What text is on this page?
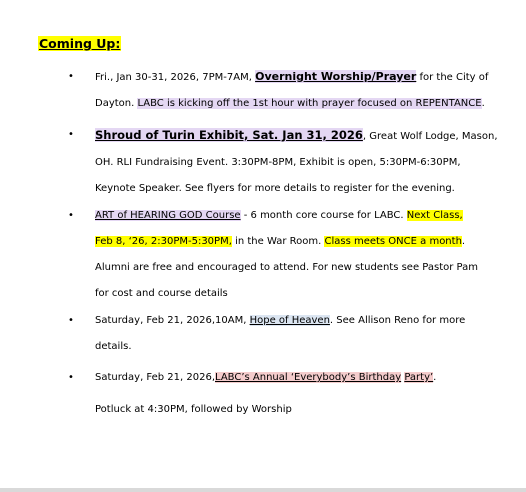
Coming Up:
• Fri., Jan 30-31, 2026, 7PM-7AM, Overnight Worship/Prayer for the City of
Dayton. LABC is kicking off the 1st hour with prayer focused on REPENTANCE.
• Shroud of Turin Exhibit, Sat. Jan 31, 2026, Great Wolf Lodge, Mason,
OH. RLI Fundraising Event. 3:30PM-8PM, Exhibit is open, 5:30PM-6:30PM,
Keynote Speaker. See flyers for more details to register for the evening.
• ART of HEARING GOD Course - 6 month core course for LABC. Next Class,
Feb 8, ‘26, 2:30PM-5:30PM, in the War Room. Class meets ONCE a month.
Alumni are free and encouraged to attend. For new students see Pastor Pam
for cost and course details
• Saturday, Feb 21, 2026,10AM, Hope of Heaven. See Allison Reno for more
details.
• Saturday, Feb 21, 2026,LABC’s Annual ‘Everybody’s Birthday Party’.
Potluck at 4:30PM, followed by Worship
